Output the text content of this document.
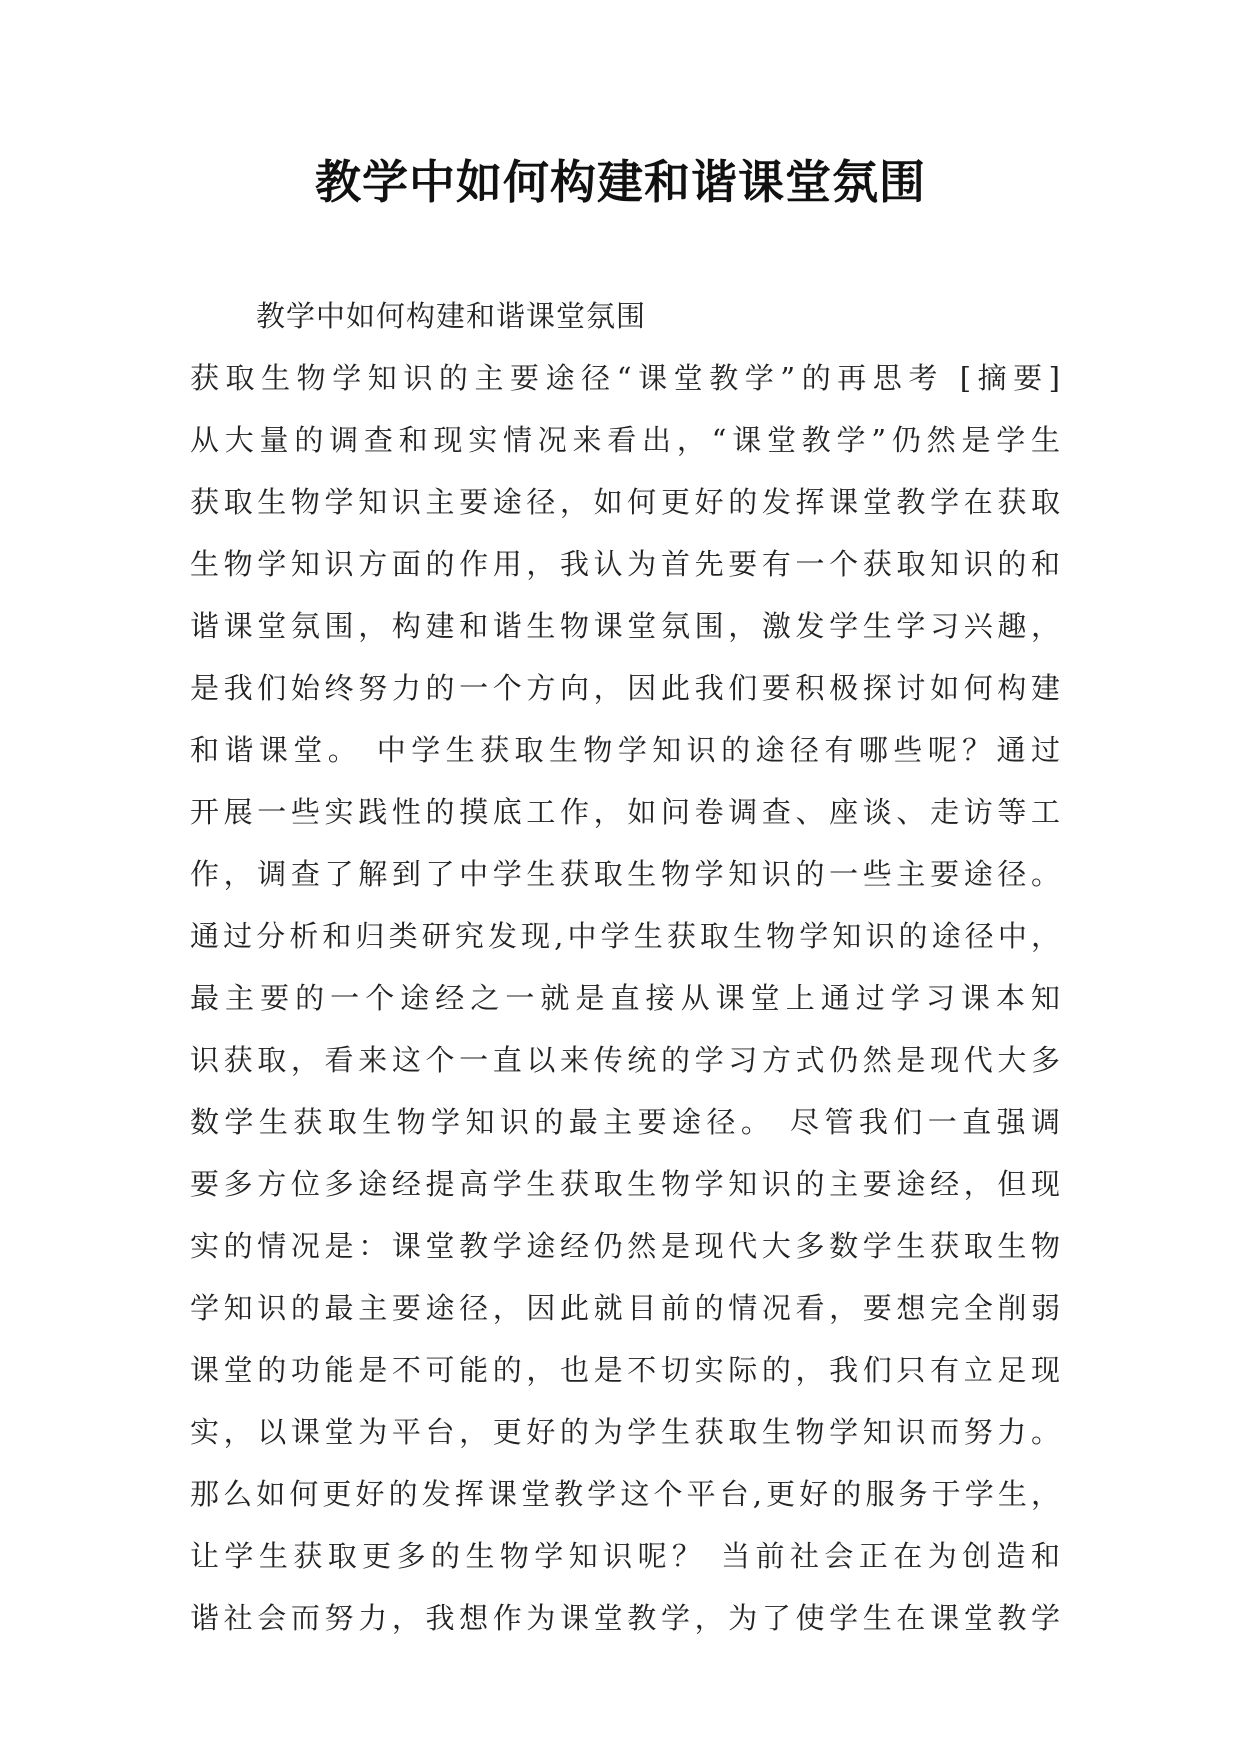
教学中如何构建和谐课堂氛围
教学中如何构建和谐课堂氛围
获取生物学知识的主要途径“课堂教学”的再思考 [摘要]
从大量的调查和现实情况来看出，“课堂教学”仍然是学生
获取生物学知识主要途径，如何更好的发挥课堂教学在获取
生物学知识方面的作用，我认为首先要有一个获取知识的和
谐课堂氛围，构建和谐生物课堂氛围，激发学生学习兴趣，
是我们始终努力的一个方向，因此我们要积极探讨如何构建
和谐课堂。 中学生获取生物学知识的途径有哪些呢？通过
开展一些实践性的摸底工作，如问卷调查、座谈、走访等工
作，调查了解到了中学生获取生物学知识的一些主要途径。
通过分析和归类研究发现,中学生获取生物学知识的途径中，
最主要的一个途经之一就是直接从课堂上通过学习课本知
识获取，看来这个一直以来传统的学习方式仍然是现代大多
数学生获取生物学知识的最主要途径。 尽管我们一直强调
要多方位多途经提高学生获取生物学知识的主要途经，但现
实的情况是：课堂教学途经仍然是现代大多数学生获取生物
学知识的最主要途径，因此就目前的情况看，要想完全削弱
课堂的功能是不可能的，也是不切实际的，我们只有立足现
实，以课堂为平台，更好的为学生获取生物学知识而努力。
那么如何更好的发挥课堂教学这个平台,更好的服务于学生，
让学生获取更多的生物学知识呢？ 当前社会正在为创造和
谐社会而努力，我想作为课堂教学，为了使学生在课堂教学
